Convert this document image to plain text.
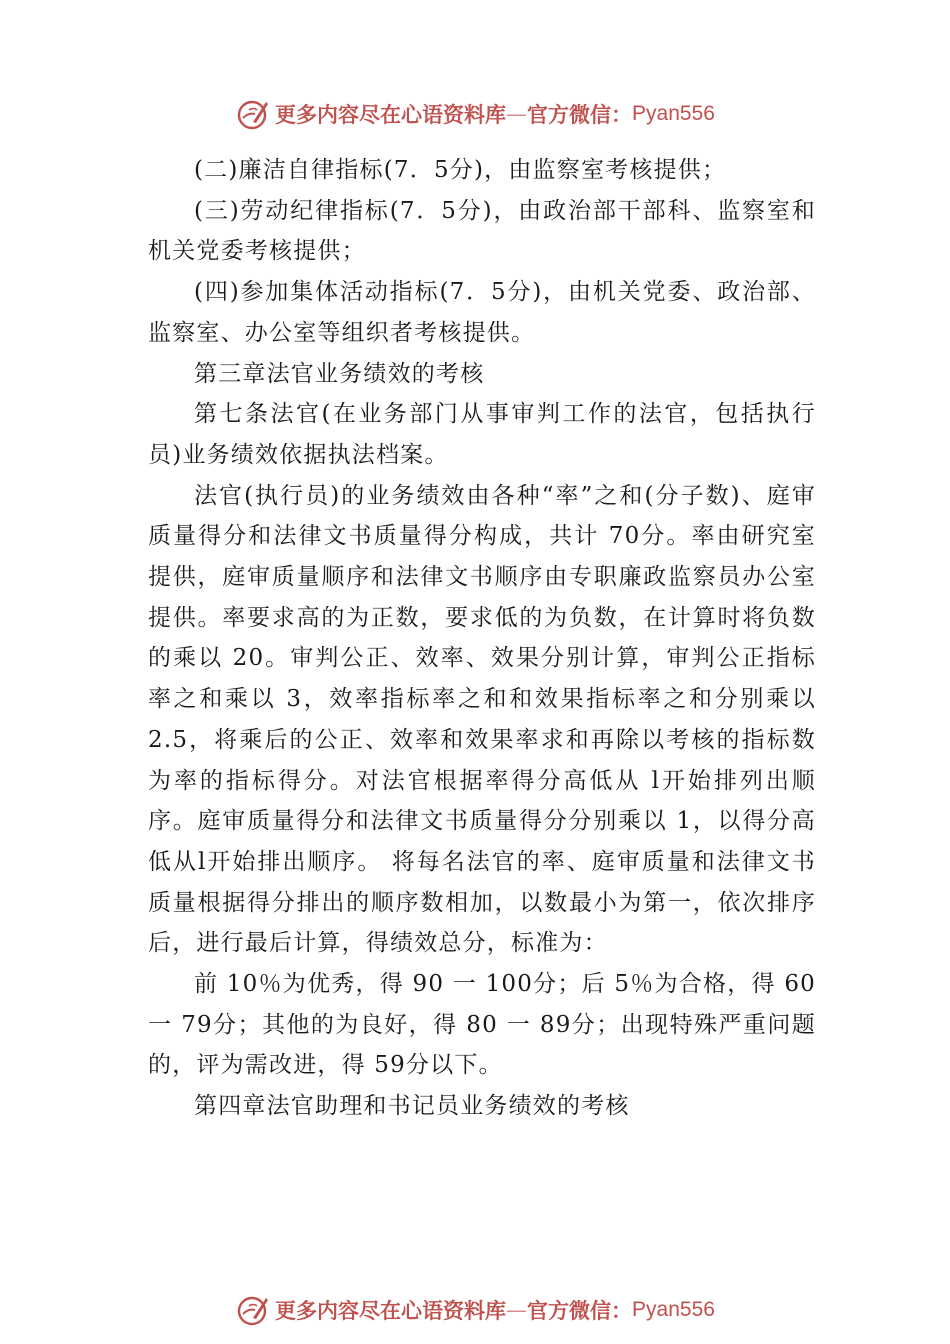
更多内容尽在心语资料库 — 官方微信： Pyan556

(二)廉洁自律指标(7．5分)，由监察室考核提供；

(三)劳动纪律指标(7．5分)，由政治部干部科、监察室和机关党委考核提供；

(四)参加集体活动指标(7．5分)，由机关党委、政治部、监察室、办公室等组织者考核提供。

第三章法官业务绩效的考核

第七条法官(在业务部门从事审判工作的法官，包括执行员)业务绩效依据执法档案。

法官(执行员)的业务绩效由各种“率”之和(分子数)、庭审质量得分和法律文书质量得分构成，共计 70分。率由研究室提供，庭审质量顺序和法律文书顺序由专职廉政监察员办公室提供。率要求高的为正数，要求低的为负数，在计算时将负数的乘以 20。审判公正、效率、效果分别计算，审判公正指标率之和乘以 3，效率指标率之和和效果指标率之和分别乘以 2.5，将乘后的公正、效率和效果率求和再除以考核的指标数为率的指标得分。对法官根据率得分高低从 l开始排列出顺序。庭审质量得分和法律文书质量得分分别乘以 1，以得分高低从l开始排出顺序。 将每名法官的率、庭审质量和法律文书质量根据得分排出的顺序数相加，以数最小为第一，依次排序后，进行最后计算，得绩效总分，标准为：

前 10％为优秀，得 90 一 100分；后 5％为合格，得 60 一 79分；其他的为良好，得 80 一 89分；出现特殊严重问题的，评为需改进，得 59分以下。

第四章法官助理和书记员业务绩效的考核

更多内容尽在心语资料库 — 官方微信： Pyan556
